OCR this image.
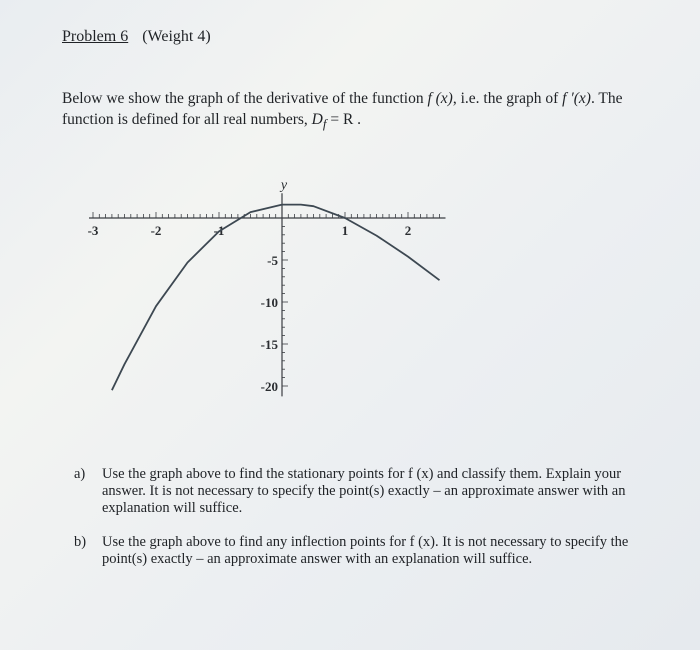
Problem 6 (Weight 4)
Below we show the graph of the derivative of the function f (x), i.e. the graph of f ′(x). The function is defined for all real numbers, $D_f = R$ .
-3	-2	-1	1	2
-5
-10
-15
-20
y
a)	Use the graph above to find the stationary points for f (x) and classify them. Explain your answer. It is not necessary to specify the point(s) exactly – an approximate answer with an explanation will suffice.
b)	Use the graph above to find any inflection points for f (x). It is not necessary to specify the point(s) exactly – an approximate answer with an explanation will suffice.
